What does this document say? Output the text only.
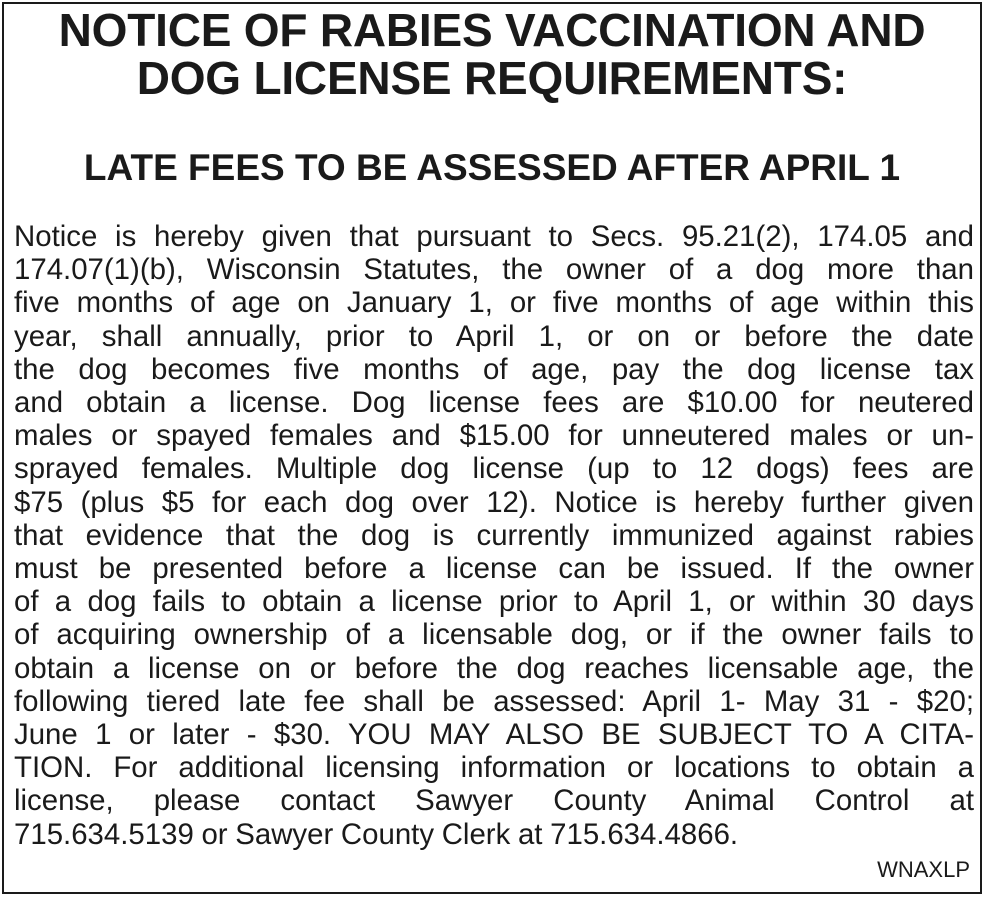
NOTICE OF RABIES VACCINATION AND
DOG LICENSE REQUIREMENTS:
LATE FEES TO BE ASSESSED AFTER APRIL 1

Notice is hereby given that pursuant to Secs. 95.21(2), 174.05 and
174.07(1)(b), Wisconsin Statutes, the owner of a dog more than
five months of age on January 1, or five months of age within this
year, shall annually, prior to April 1, or on or before the date
the dog becomes five months of age, pay the dog license tax
and obtain a license. Dog license fees are $10.00 for neutered
males or spayed females and $15.00 for unneutered males or un-
sprayed females. Multiple dog license (up to 12 dogs) fees are
$75 (plus $5 for each dog over 12). Notice is hereby further given
that evidence that the dog is currently immunized against rabies
must be presented before a license can be issued. If the owner
of a dog fails to obtain a license prior to April 1, or within 30 days
of acquiring ownership of a licensable dog, or if the owner fails to
obtain a license on or before the dog reaches licensable age, the
following tiered late fee shall be assessed: April 1- May 31 - $20;
June 1 or later - $30. YOU MAY ALSO BE SUBJECT TO A CITA-
TION. For additional licensing information or locations to obtain a
license, please contact Sawyer County Animal Control at
715.634.5139 or Sawyer County Clerk at 715.634.4866.

WNAXLP
